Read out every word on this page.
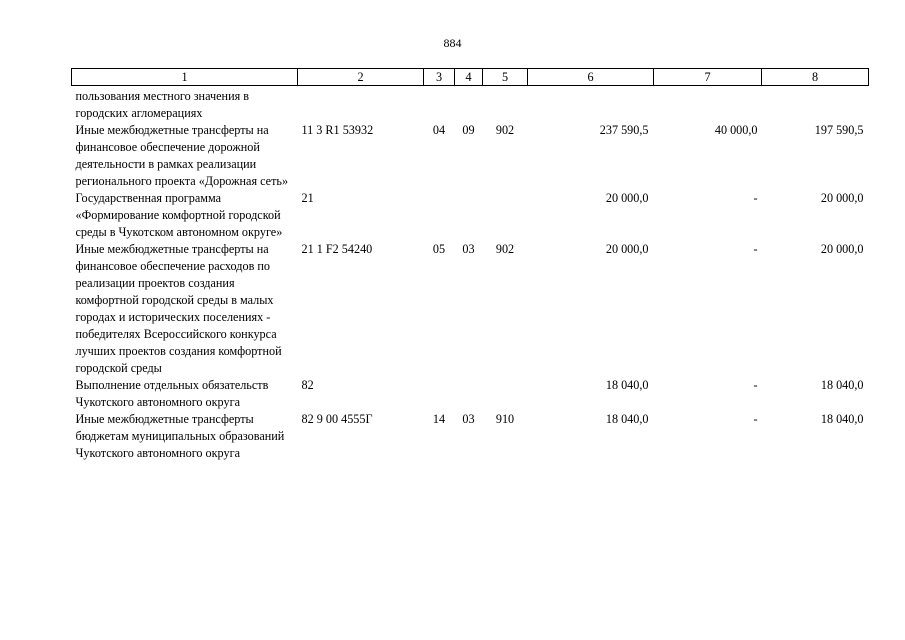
884
1	2	3	4	5	6	7	8
пользования местного значения в городских агломерациях							
Иные межбюджетные трансферты на финансовое обеспечение дорожной деятельности в рамках реализации регионального проекта «Дорожная сеть»	11 3 R1 53932	04	09	902	237 590,5	40 000,0	197 590,5
Государственная программа «Формирование комфортной городской среды в Чукотском автономном округе»	21				20 000,0	-	20 000,0
Иные межбюджетные трансферты на финансовое обеспечение расходов по реализации проектов создания комфортной городской среды в малых городах и исторических поселениях - победителях Всероссийского конкурса лучших проектов создания комфортной городской среды	21 1 F2 54240	05	03	902	20 000,0	-	20 000,0
Выполнение отдельных обязательств Чукотского автономного округа	82				18 040,0	-	18 040,0
Иные межбюджетные трансферты бюджетам муниципальных образований Чукотского автономного округа	82 9 00 4555Г	14	03	910	18 040,0	-	18 040,0
